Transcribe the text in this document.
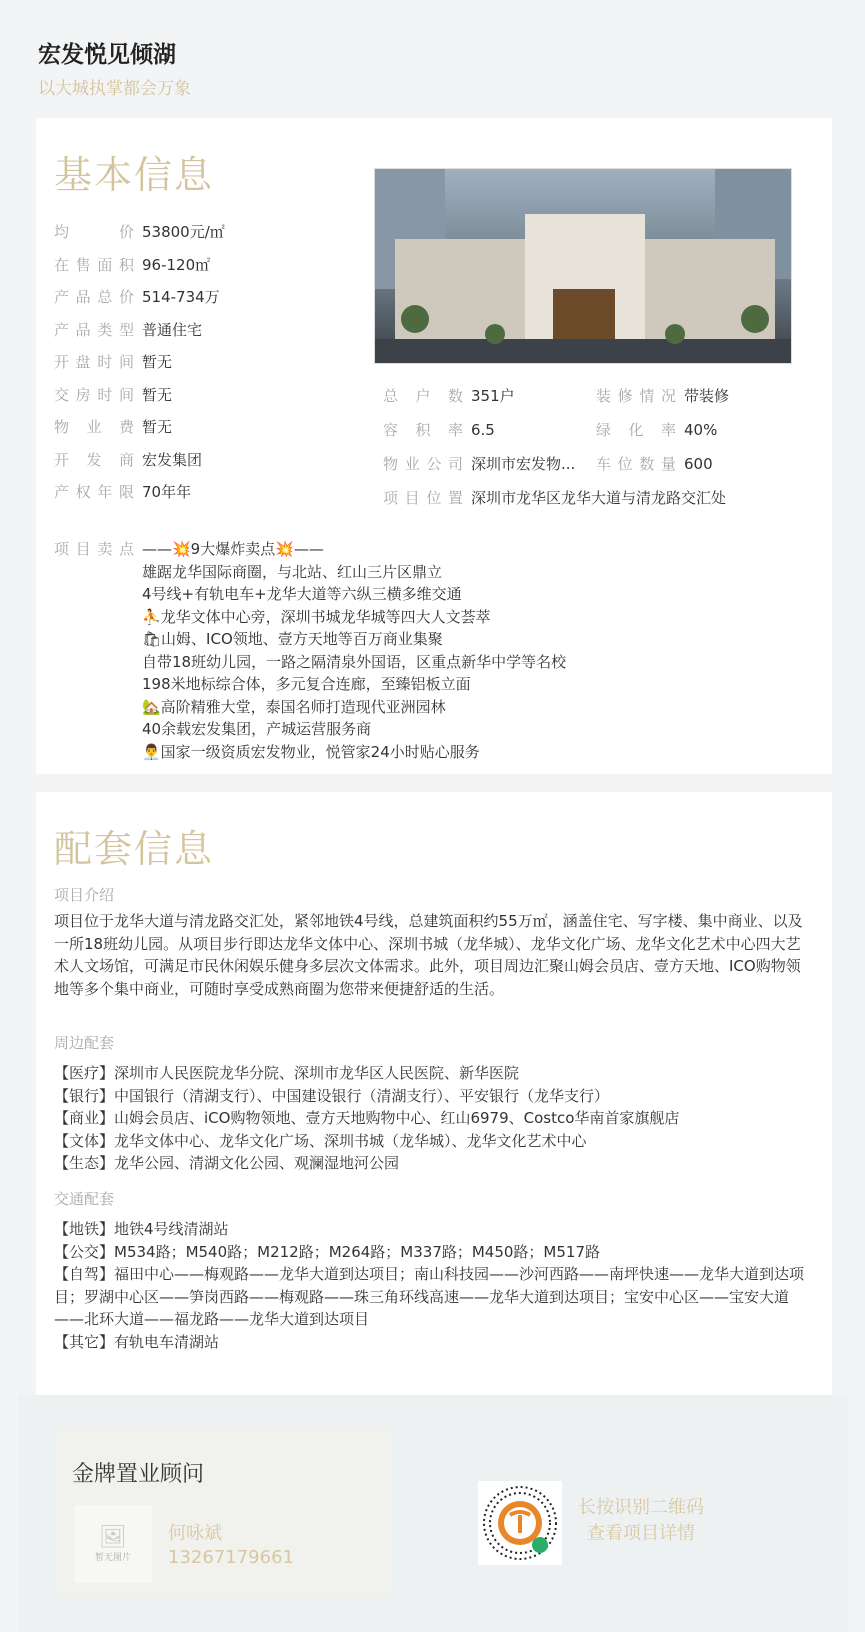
宏发悦见倾湖
以大城执掌都会万象
基本信息
均价 53800元/㎡
在售面积 96-120㎡
产品总价 514-734万
产品类型 普通住宅
开盘时间 暂无
交房时间 暂无
物业费 暂无
开发商 宏发集团
产权年限 70年年
总户数 351户	装修情况 带装修
容积率 6.5	绿化率 40%
物业公司 深圳市宏发物... 车位数量 600
项目位置 深圳市龙华区龙华大道与清龙路交汇处
项目卖点 ——💥9大爆炸卖点💥——
雄踞龙华国际商圈，与北站、红山三片区鼎立
4号线+有轨电车+龙华大道等六纵三横多维交通
⛹龙华文体中心旁，深圳书城龙华城等四大人文荟萃
🛍山姆、ICO领地、壹方天地等百万商业集聚
自带18班幼儿园，一路之隔清泉外国语，区重点新华中学等名校
198米地标综合体，多元复合连廊，至臻铝板立面
🏡高阶精雅大堂，泰国名师打造现代亚洲园林
40余载宏发集团，产城运营服务商
👨‍💼国家一级资质宏发物业，悦管家24小时贴心服务
配套信息
项目介绍
项目位于龙华大道与清龙路交汇处，紧邻地铁4号线，总建筑面积约55万㎡，涵盖住宅、写字楼、集中商业、以及一所18班幼儿园。从项目步行即达龙华文体中心、深圳书城（龙华城）、龙华文化广场、龙华文化艺术中心四大艺术人文场馆，可满足市民休闲娱乐健身多层次文体需求。此外，项目周边汇聚山姆会员店、壹方天地、ICO购物领地等多个集中商业，可随时享受成熟商圈为您带来便捷舒适的生活。
周边配套
【医疗】深圳市人民医院龙华分院、深圳市龙华区人民医院、新华医院
【银行】中国银行（清湖支行）、中国建设银行（清湖支行）、平安银行（龙华支行）
【商业】山姆会员店、iCO购物领地、壹方天地购物中心、红山6979、Costco华南首家旗舰店
【文体】龙华文体中心、龙华文化广场、深圳书城（龙华城）、龙华文化艺术中心
【生态】龙华公园、清湖文化公园、观澜湿地河公园
交通配套
【地铁】地铁4号线清湖站
【公交】M534路；M540路；M212路；M264路；M337路；M450路；M517路
【自驾】福田中心——梅观路——龙华大道到达项目；南山科技园——沙河西路——南坪快速——龙华大道到达项目；罗湖中心区——笋岗西路——梅观路——珠三角环线高速——龙华大道到达项目；宝安中心区——宝安大道——北环大道——福龙路——龙华大道到达项目
【其它】有轨电车清湖站
金牌置业顾问
🖼
暂无图片
何咏斌
13267179661
长按识别二维码
查看项目详情
